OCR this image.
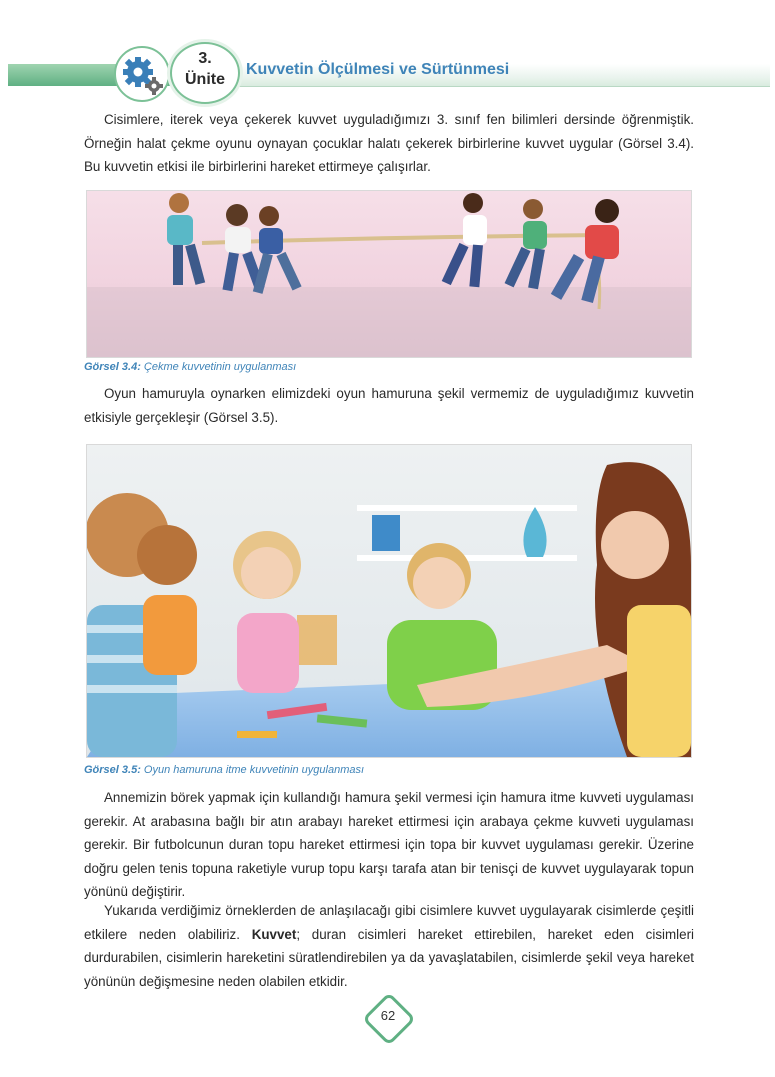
3.
Ünite
Kuvvetin Ölçülmesi ve Sürtünmesi

Cisimlere, iterek veya çekerek kuvvet uyguladığımızı 3. sınıf fen bilimleri dersinde öğrenmiştik. Örneğin halat çekme oyunu oynayan çocuklar halatı çekerek birbirlerine kuvvet uygular (Görsel 3.4). Bu kuvvetin etkisi ile birbirlerini hareket ettirmeye çalışırlar.

Görsel 3.4: Çekme kuvvetinin uygulanması

Oyun hamuruyla oynarken elimizdeki oyun hamuruna şekil vermemiz de uyguladığımız kuvvetin etkisiyle gerçekleşir (Görsel 3.5).

Görsel 3.5: Oyun hamuruna itme kuvvetinin uygulanması

Annemizin börek yapmak için kullandığı hamura şekil vermesi için hamura itme kuvveti uygulaması gerekir. At arabasına bağlı bir atın arabayı hareket ettirmesi için arabaya çekme kuvveti uygulaması gerekir. Bir futbolcunun duran topu hareket ettirmesi için topa bir kuvvet uygulaması gerekir. Üzerine doğru gelen tenis topuna raketiyle vurup topu karşı tarafa atan bir tenisçi de kuvvet uygulayarak topun yönünü değiştirir.

Yukarıda verdiğimiz örneklerden de anlaşılacağı gibi cisimlere kuvvet uygulayarak cisimlerde çeşitli etkilere neden olabiliriz. Kuvvet; duran cisimleri hareket ettirebilen, hareket eden cisimleri durdurabilen, cisimlerin hareketini süratlendirebilen ya da yavaşlatabilen, cisimlerde şekil veya hareket yönünün değişmesine neden olabilen etkidir.

62
